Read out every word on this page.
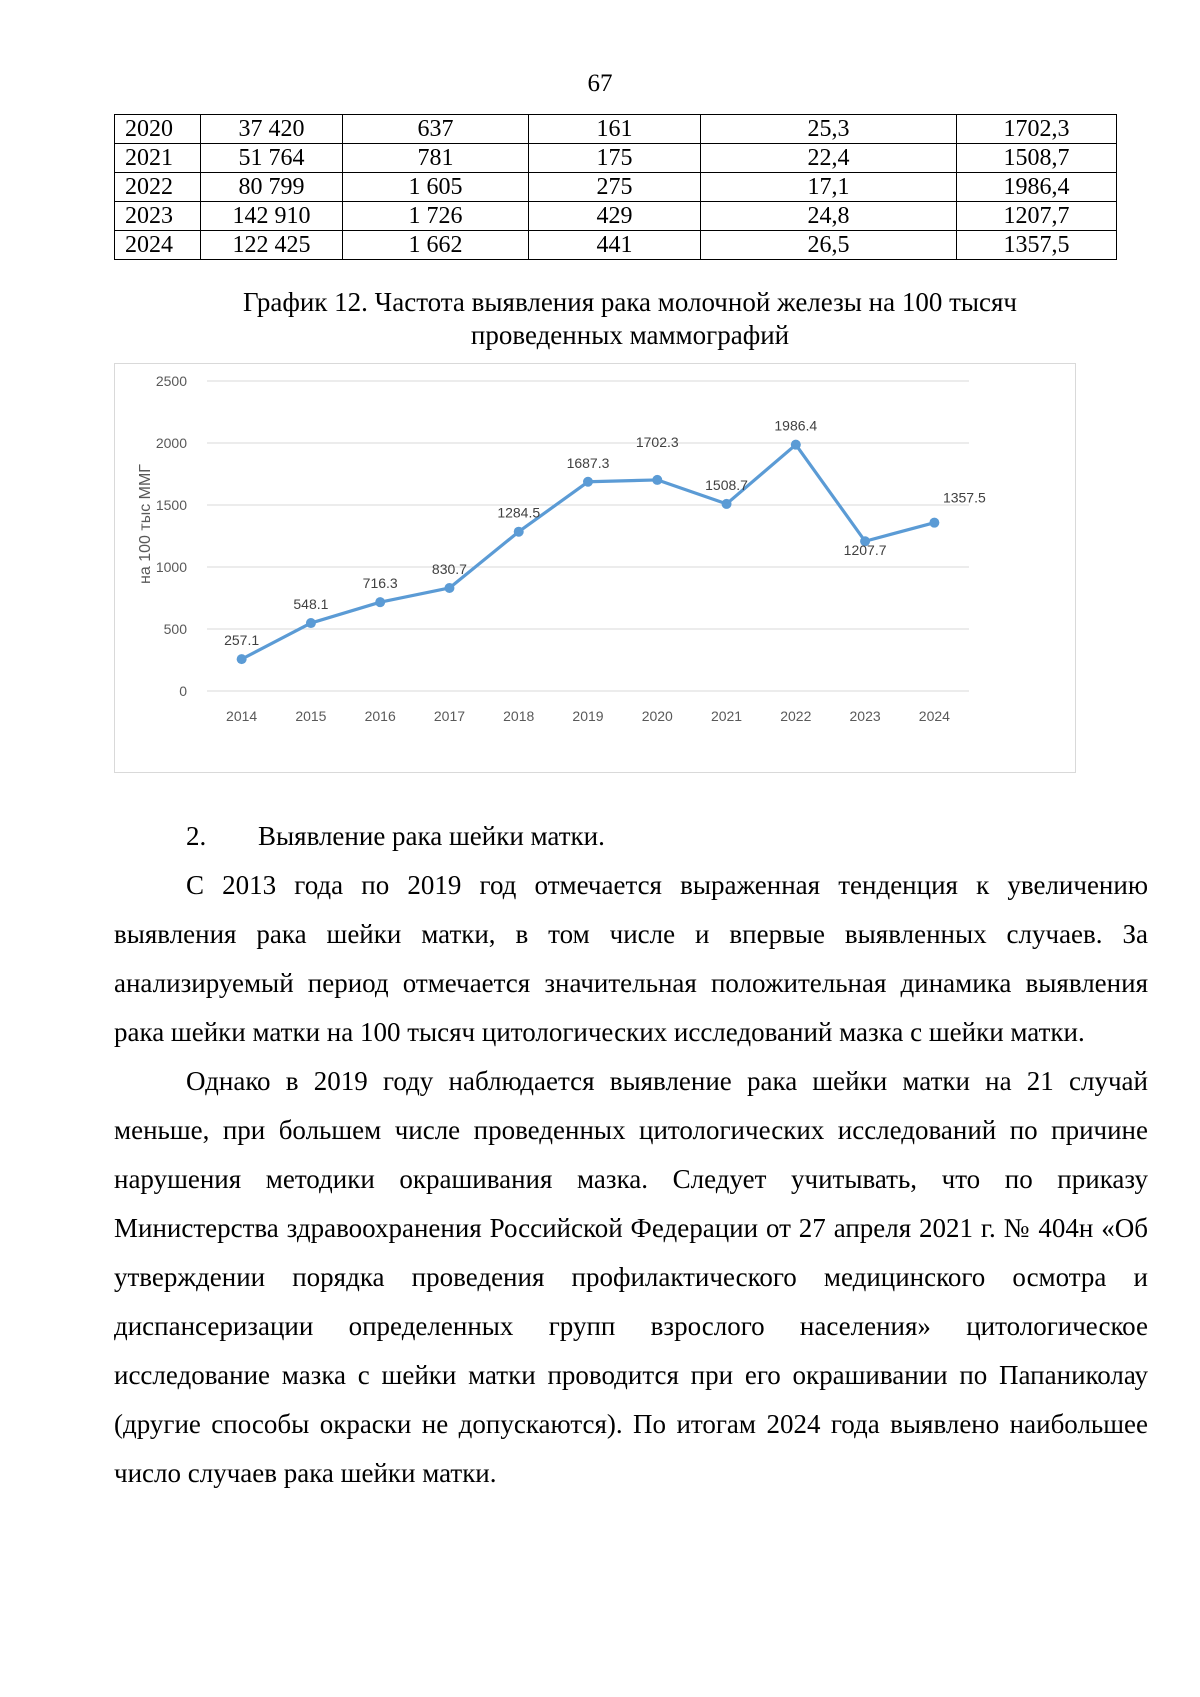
67
2020	37 420	637	161	25,3	1702,3
2021	51 764	781	175	22,4	1508,7
2022	80 799	1 605	275	17,1	1986,4
2023	142 910	1 726	429	24,8	1207,7
2024	122 425	1 662	441	26,5	1357,5
График 12. Частота выявления рака молочной железы на 100 тысяч
проведенных маммографий
0
500
1000
1500
2000
2500
на 100 тыс ММГ
2014	2015	2016	2017	2018	2019	2020	2021	2022	2023	2024
257.1
548.1
716.3
830.7
1284.5
1687.3
1702.3
1508.7
1986.4
1207.7
1357.5
2. Выявление рака шейки матки.

С 2013 года по 2019 год отмечается выраженная тенденция к увеличению выявления рака шейки матки, в том числе и впервые выявленных случаев. За анализируемый период отмечается значительная положительная динамика выявления рака шейки матки на 100 тысяч цитологических исследований мазка с шейки матки.

Однако в 2019 году наблюдается выявление рака шейки матки на 21 случай меньше, при большем числе проведенных цитологических исследований по причине нарушения методики окрашивания мазка. Следует учитывать, что по приказу Министерства здравоохранения Российской Федерации от 27 апреля 2021 г. № 404н «Об утверждении порядка проведения профилактического медицинского осмотра и диспансеризации определенных групп взрослого населения» цитологическое исследование мазка с шейки матки проводится при его окрашивании по Папаниколау (другие способы окраски не допускаются). По итогам 2024 года выявлено наибольшее число случаев рака шейки матки.
